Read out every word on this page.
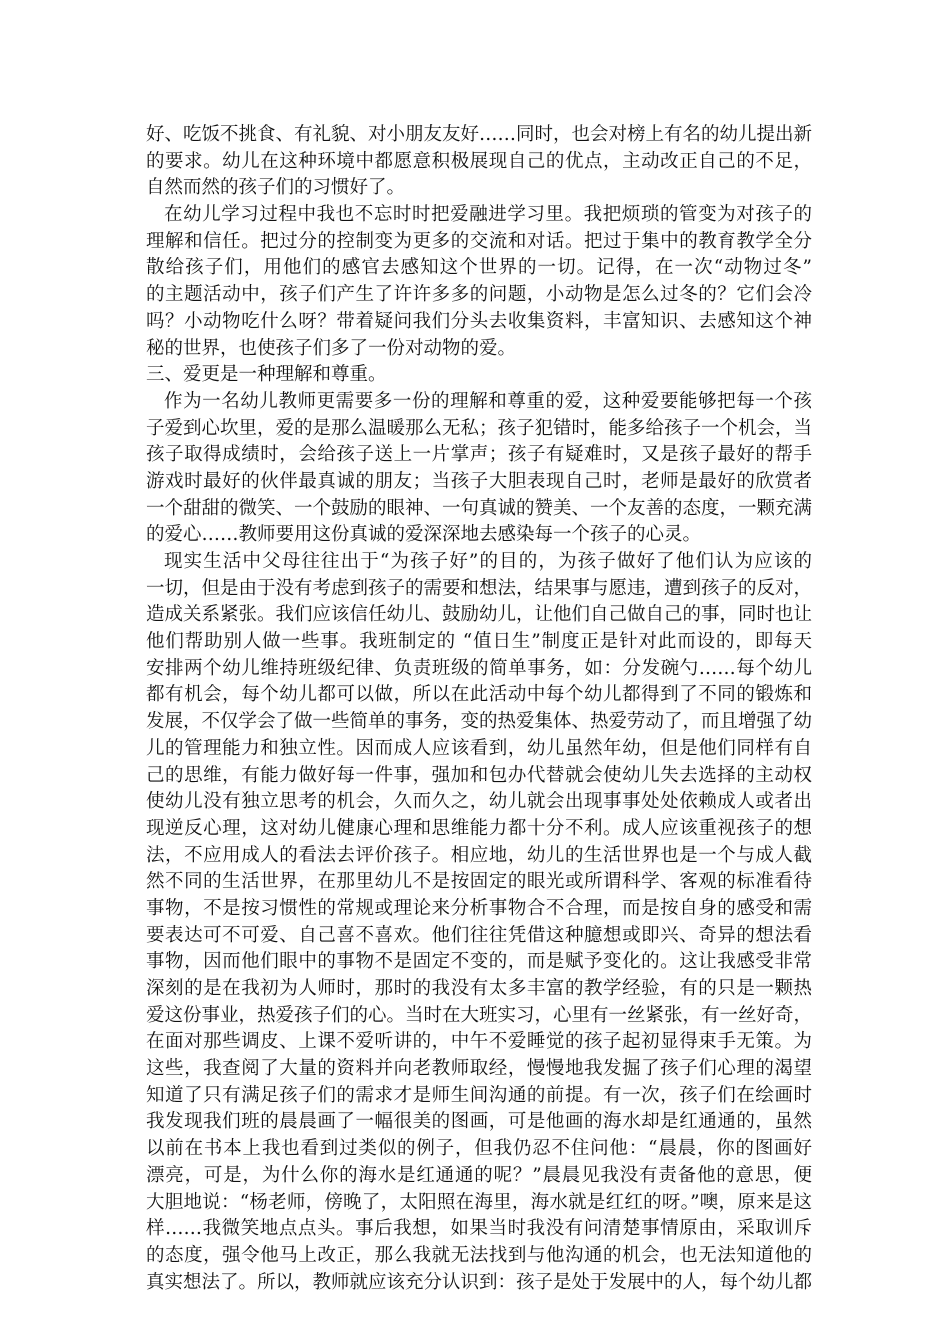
好、吃饭不挑食、有礼貌、对小朋友友好……同时，也会对榜上有名的幼儿提出新
的要求。幼儿在这种环境中都愿意积极展现自己的优点，主动改正自己的不足，
自然而然的孩子们的习惯好了。
在幼儿学习过程中我也不忘时时把爱融进学习里。我把烦琐的管变为对孩子的
理解和信任。把过分的控制变为更多的交流和对话。把过于集中的教育教学全分
散给孩子们，用他们的感官去感知这个世界的一切。记得，在一次“动物过冬”
的主题活动中，孩子们产生了许许多多的问题，小动物是怎么过冬的？它们会冷
吗？小动物吃什么呀？带着疑问我们分头去收集资料，丰富知识、去感知这个神
秘的世界，也使孩子们多了一份对动物的爱。
三、爱更是一种理解和尊重。
作为一名幼儿教师更需要多一份的理解和尊重的爱，这种爱要能够把每一个孩
子爱到心坎里，爱的是那么温暖那么无私；孩子犯错时，能多给孩子一个机会，当
孩子取得成绩时，会给孩子送上一片掌声；孩子有疑难时，又是孩子最好的帮手
游戏时最好的伙伴最真诚的朋友；当孩子大胆表现自己时，老师是最好的欣赏者
一个甜甜的微笑、一个鼓励的眼神、一句真诚的赞美、一个友善的态度，一颗充满
的爱心……教师要用这份真诚的爱深深地去感染每一个孩子的心灵。
现实生活中父母往往出于“为孩子好”的目的，为孩子做好了他们认为应该的
一切，但是由于没有考虑到孩子的需要和想法，结果事与愿违，遭到孩子的反对，
造成关系紧张。我们应该信任幼儿、鼓励幼儿，让他们自己做自己的事，同时也让
他们帮助别人做一些事。我班制定的 “值日生”制度正是针对此而设的，即每天
安排两个幼儿维持班级纪律、负责班级的简单事务，如：分发碗勺……每个幼儿
都有机会，每个幼儿都可以做，所以在此活动中每个幼儿都得到了不同的锻炼和
发展，不仅学会了做一些简单的事务，变的热爱集体、热爱劳动了，而且增强了幼
儿的管理能力和独立性。因而成人应该看到，幼儿虽然年幼，但是他们同样有自
己的思维，有能力做好每一件事，强加和包办代替就会使幼儿失去选择的主动权
使幼儿没有独立思考的机会，久而久之，幼儿就会出现事事处处依赖成人或者出
现逆反心理，这对幼儿健康心理和思维能力都十分不利。成人应该重视孩子的想
法，不应用成人的看法去评价孩子。相应地，幼儿的生活世界也是一个与成人截
然不同的生活世界，在那里幼儿不是按固定的眼光或所谓科学、客观的标准看待
事物，不是按习惯性的常规或理论来分析事物合不合理，而是按自身的感受和需
要表达可不可爱、自己喜不喜欢。他们往往凭借这种臆想或即兴、奇异的想法看
事物，因而他们眼中的事物不是固定不变的，而是赋予变化的。这让我感受非常
深刻的是在我初为人师时，那时的我没有太多丰富的教学经验，有的只是一颗热
爱这份事业，热爱孩子们的心。当时在大班实习，心里有一丝紧张，有一丝好奇，
在面对那些调皮、上课不爱听讲的，中午不爱睡觉的孩子起初显得束手无策。为
这些，我查阅了大量的资料并向老教师取经，慢慢地我发掘了孩子们心理的渴望
知道了只有满足孩子们的需求才是师生间沟通的前提。有一次，孩子们在绘画时
我发现我们班的晨晨画了一幅很美的图画，可是他画的海水却是红通通的，虽然
以前在书本上我也看到过类似的例子，但我仍忍不住问他：“晨晨，你的图画好
漂亮，可是，为什么你的海水是红通通的呢？”晨晨见我没有责备他的意思，便
大胆地说：“杨老师，傍晚了，太阳照在海里，海水就是红红的呀。”噢，原来是这
样……我微笑地点点头。事后我想，如果当时我没有问清楚事情原由，采取训斥
的态度，强令他马上改正，那么我就无法找到与他沟通的机会，也无法知道他的
真实想法了。所以，教师就应该充分认识到：孩子是处于发展中的人，每个幼儿都
